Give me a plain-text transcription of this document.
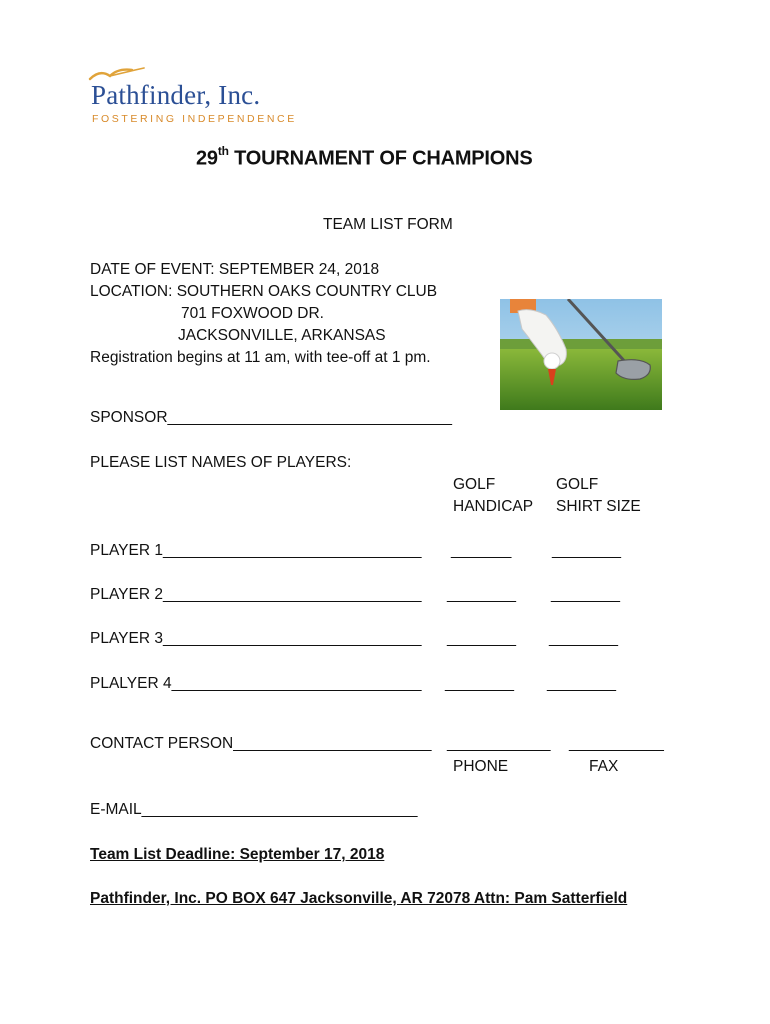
Pathfinder, Inc.
FOSTERING INDEPENDENCE
29th TOURNAMENT OF CHAMPIONS
TEAM LIST FORM
DATE OF EVENT: SEPTEMBER 24, 2018
LOCATION: SOUTHERN OAKS COUNTRY CLUB
701 FOXWOOD DR.
JACKSONVILLE, ARKANSAS
Registration begins at 11 am, with tee-off at 1 pm.
SPONSOR_________________________________
PLEASE LIST NAMES OF PLAYERS:
GOLF
HANDICAP
GOLF
SHIRT SIZE
PLAYER 1______________________________ _______	________
PLAYER 2______________________________ ________ ________
PLAYER 3______________________________ ________ ________
PLALYER 4_____________________________ ________ ________
CONTACT PERSON_______________________ ____________ ___________
PHONE	FAX
E-MAIL________________________________
Team List Deadline: September 17, 2018
Pathfinder, Inc. PO BOX 647 Jacksonville, AR 72078 Attn: Pam Satterfield
